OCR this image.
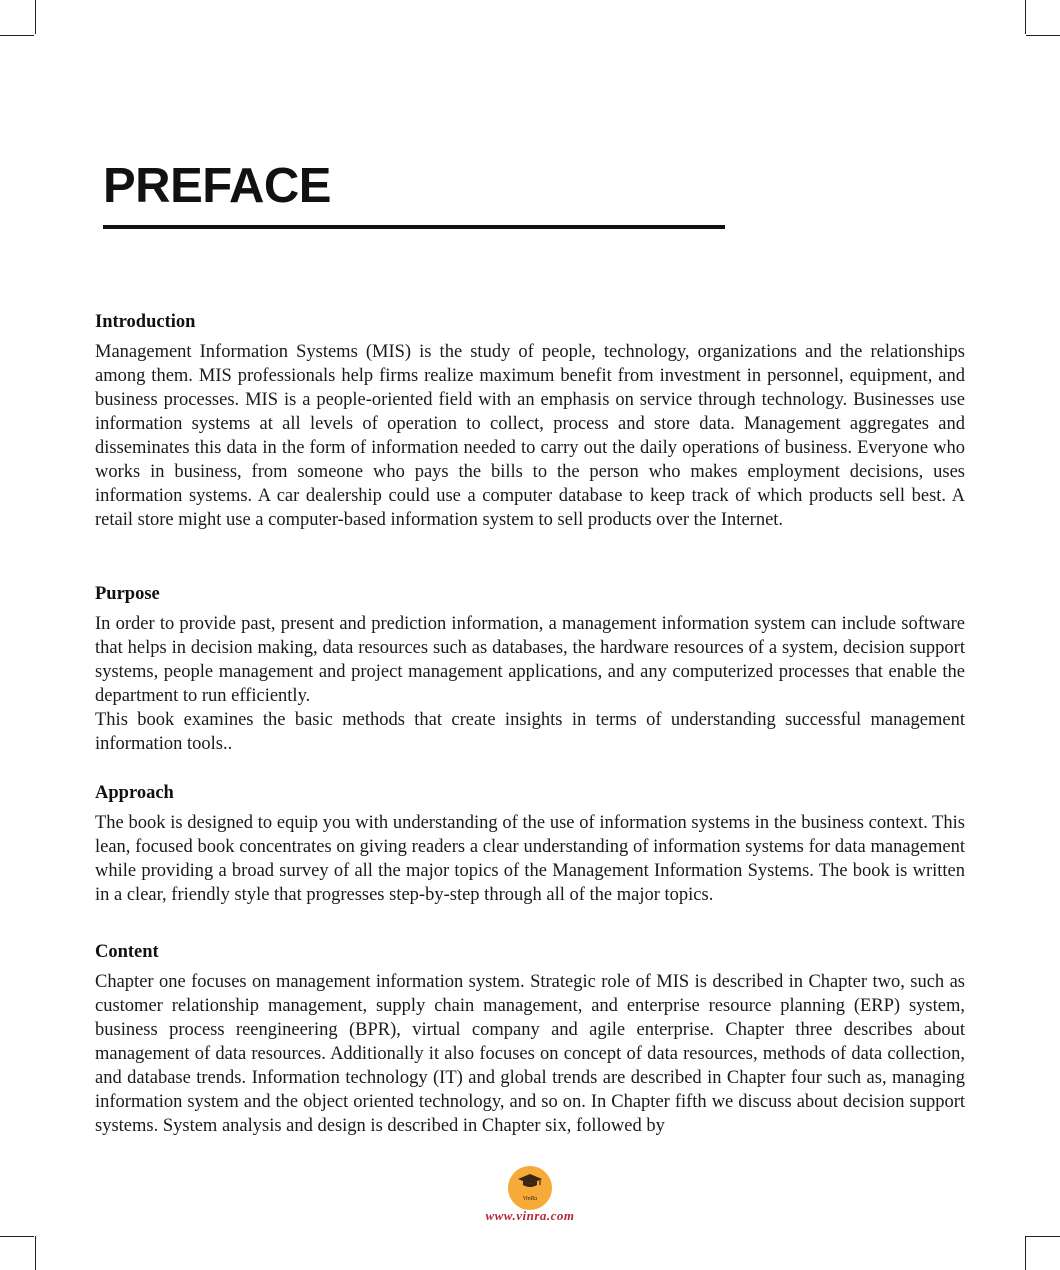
PREFACE
Introduction

Management Information Systems (MIS) is the study of people, technology, organizations and the relationships among them. MIS professionals help firms realize maximum benefit from investment in personnel, equipment, and business processes. MIS is a people-oriented field with an emphasis on service through technology. Businesses use information systems at all levels of operation to collect, process and store data. Management aggregates and disseminates this data in the form of information needed to carry out the daily operations of business. Everyone who works in business, from someone who pays the bills to the person who makes employment decisions, uses information systems. A car dealership could use a computer database to keep track of which products sell best. A retail store might use a computer-based information system to sell products over the Internet.

Purpose

In order to provide past, present and prediction information, a management information system can include software that helps in decision making, data resources such as databases, the hardware resources of a system, decision support systems, people management and project management applications, and any computerized processes that enable the department to run efficiently.

This book examines the basic methods that create insights in terms of understanding successful management information tools..

Approach

The book is designed to equip you with understanding of the use of information systems in the business context. This lean, focused book concentrates on giving readers a clear understanding of information systems for data management while providing a broad survey of all the major topics of the Management Information Systems. The book is written in a clear, friendly style that progresses step-by-step through all of the major topics.

Content

Chapter one focuses on management information system. Strategic role of MIS is described in Chapter two, such as customer relationship management, supply chain management, and enterprise resource planning (ERP) system, business process reengineering (BPR), virtual company and agile enterprise. Chapter three describes about management of data resources. Additionally it also focuses on concept of data resources, methods of data collection, and database trends. Information technology (IT) and global trends are described in Chapter four such as, managing information system and the object oriented technology, and so on. In Chapter fifth we discuss about decision support systems. System analysis and design is described in Chapter six, followed by

VinRa
www.vinra.com
